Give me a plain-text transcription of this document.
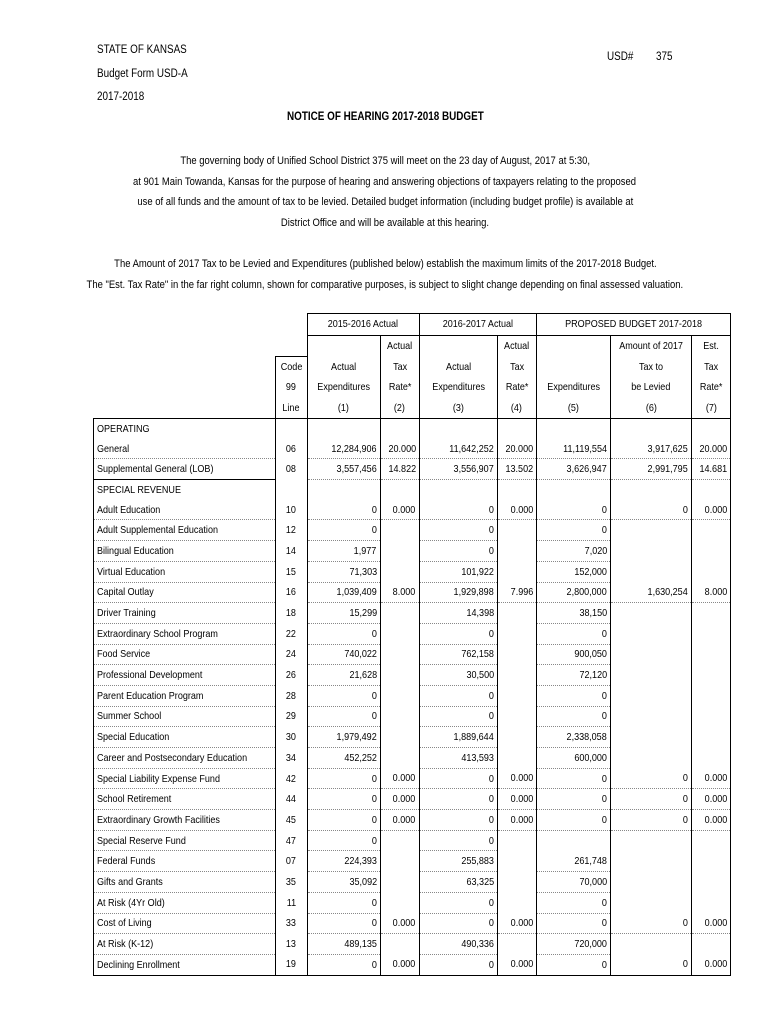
STATE OF KANSAS
Budget Form USD-A
2017-2018
USD# 375
NOTICE OF HEARING 2017-2018 BUDGET
The governing body of Unified School District 375 will meet on the 23 day of August, 2017 at 5:30,
at 901 Main Towanda, Kansas for the purpose of hearing and answering objections of taxpayers relating to the proposed
use of all funds and the amount of tax to be levied. Detailed budget information (including budget profile) is available at
District Office and will be available at this hearing.
The Amount of 2017 Tax to be Levied and Expenditures (published below) establish the maximum limits of the 2017-2018 Budget.
The "Est. Tax Rate" in the far right column, shown for comparative purposes, is subject to slight change depending on final assessed valuation.
		2015-2016 Actual		2016-2017 Actual		PROPOSED BUDGET 2017-2018		
			Actual		Actual		Amount of 2017	Est.
	Code	Actual	Tax	Actual	Tax		Tax to	Tax
	99	Expenditures	Rate*	Expenditures	Rate*	Expenditures	be Levied	Rate*
	Line	(1)	(2)	(3)	(4)	(5)	(6)	(7)
OPERATING								
General	06	12,284,906	20.000	11,642,252	20.000	11,119,554	3,917,625	20.000
Supplemental General (LOB)	08	3,557,456	14.822	3,556,907	13.502	3,626,947	2,991,795	14.681
SPECIAL REVENUE								
Adult Education	10	0	0.000	0	0.000	0	0	0.000
Adult Supplemental Education	12	0		0		0		
Bilingual Education	14	1,977		0		7,020		
Virtual Education	15	71,303		101,922		152,000		
Capital Outlay	16	1,039,409	8.000	1,929,898	7.996	2,800,000	1,630,254	8.000
Driver Training	18	15,299		14,398		38,150		
Extraordinary School Program	22	0		0		0		
Food Service	24	740,022		762,158		900,050		
Professional Development	26	21,628		30,500		72,120		
Parent Education Program	28	0		0		0		
Summer School	29	0		0		0		
Special Education	30	1,979,492		1,889,644		2,338,058		
Career and Postsecondary Education	34	452,252		413,593		600,000		
Special Liability Expense Fund	42	0	0.000	0	0.000	0	0	0.000
School Retirement	44	0	0.000	0	0.000	0	0	0.000
Extraordinary Growth Facilities	45	0	0.000	0	0.000	0	0	0.000
Special Reserve Fund	47	0		0				
Federal Funds	07	224,393		255,883		261,748		
Gifts and Grants	35	35,092		63,325		70,000		
At Risk (4Yr Old)	11	0		0		0		
Cost of Living	33	0	0.000	0	0.000	0	0	0.000
At Risk (K-12)	13	489,135		490,336		720,000		
Declining Enrollment	19	0	0.000	0	0.000	0	0	0.000
